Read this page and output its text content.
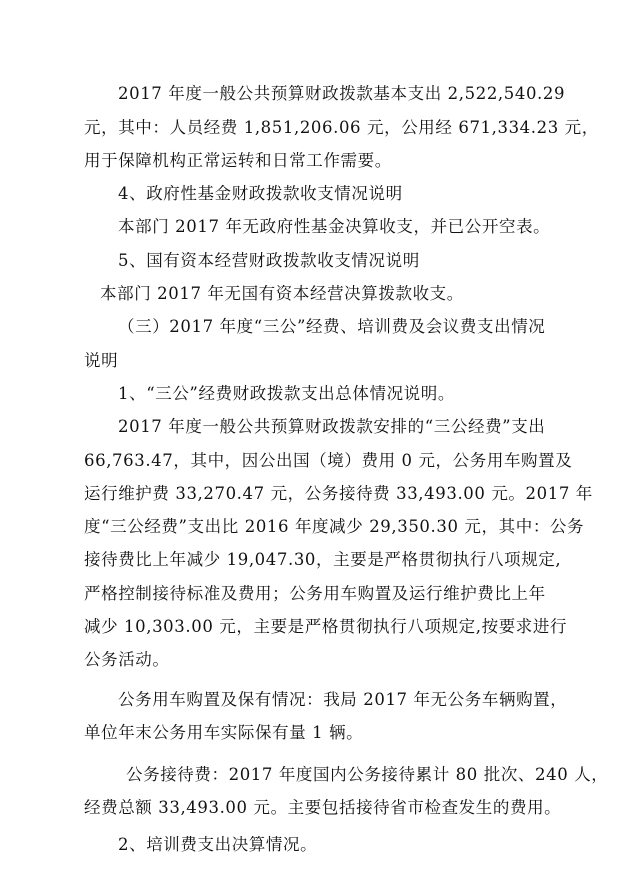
2017 年度一般公共预算财政拨款基本支出 2,522,540.29
元，其中：人员经费 1,851,206.06 元，公用经 671,334.23 元，
用于保障机构正常运转和日常工作需要。
4、政府性基金财政拨款收支情况说明
本部门 2017 年无政府性基金决算收支，并已公开空表。
5、国有资本经营财政拨款收支情况说明
本部门 2017 年无国有资本经营决算拨款收支。
（三）2017 年度“三公”经费、培训费及会议费支出情况
说明
1、“三公”经费财政拨款支出总体情况说明。
2017 年度一般公共预算财政拨款安排的“三公经费”支出
66,763.47，其中，因公出国（境）费用 0 元，公务用车购置及
运行维护费 33,270.47 元，公务接待费 33,493.00 元。2017 年
度“三公经费”支出比 2016 年度减少 29,350.30 元，其中：公务
接待费比上年减少 19,047.30，主要是严格贯彻执行八项规定,
严格控制接待标准及费用；公务用车购置及运行维护费比上年
减少 10,303.00 元，主要是严格贯彻执行八项规定,按要求进行
公务活动。
公务用车购置及保有情况：我局 2017 年无公务车辆购置，
单位年末公务用车实际保有量 1 辆。
公务接待费：2017 年度国内公务接待累计 80 批次、240 人，
经费总额 33,493.00 元。主要包括接待省市检查发生的费用。
2、培训费支出决算情况。
